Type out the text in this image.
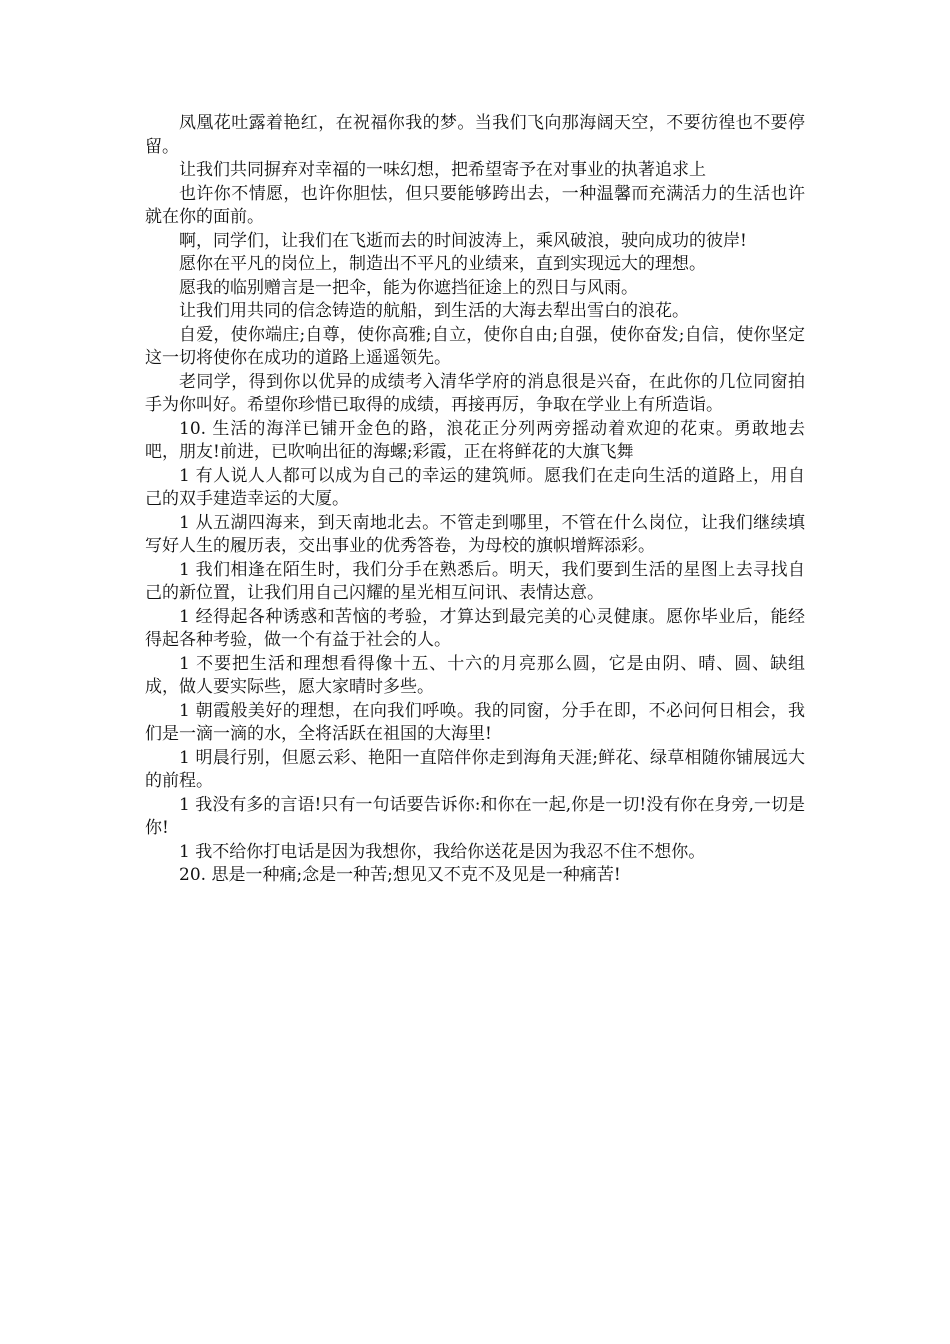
凤凰花吐露着艳红，在祝福你我的梦。当我们飞向那海阔天空，不要彷徨也不要停留。

让我们共同摒弃对幸福的一味幻想，把希望寄予在对事业的执著追求上

也许你不情愿，也许你胆怯，但只要能够跨出去，一种温馨而充满活力的生活也许就在你的面前。

啊，同学们，让我们在飞逝而去的时间波涛上，乘风破浪，驶向成功的彼岸!

愿你在平凡的岗位上，制造出不平凡的业绩来，直到实现远大的理想。

愿我的临别赠言是一把伞，能为你遮挡征途上的烈日与风雨。

让我们用共同的信念铸造的航船，到生活的大海去犁出雪白的浪花。

自爱，使你端庄;自尊，使你高雅;自立，使你自由;自强，使你奋发;自信，使你坚定这一切将使你在成功的道路上遥遥领先。

老同学，得到你以优异的成绩考入清华学府的消息很是兴奋，在此你的几位同窗拍手为你叫好。希望你珍惜已取得的成绩，再接再厉，争取在学业上有所造诣。

10. 生活的海洋已铺开金色的路，浪花正分列两旁摇动着欢迎的花束。勇敢地去吧，朋友!前进，已吹响出征的海螺;彩霞，正在将鲜花的大旗飞舞

1 有人说人人都可以成为自己的幸运的建筑师。愿我们在走向生活的道路上，用自己的双手建造幸运的大厦。

1 从五湖四海来，到天南地北去。不管走到哪里，不管在什么岗位，让我们继续填写好人生的履历表，交出事业的优秀答卷，为母校的旗帜增辉添彩。

1 我们相逢在陌生时，我们分手在熟悉后。明天，我们要到生活的星图上去寻找自己的新位置，让我们用自己闪耀的星光相互问讯、表情达意。

1 经得起各种诱惑和苦恼的考验，才算达到最完美的心灵健康。愿你毕业后，能经得起各种考验，做一个有益于社会的人。

1 不要把生活和理想看得像十五、十六的月亮那么圆，它是由阴、晴、圆、缺组成，做人要实际些，愿大家晴时多些。

1 朝霞般美好的理想，在向我们呼唤。我的同窗，分手在即，不必问何日相会，我们是一滴一滴的水，全将活跃在祖国的大海里!

1 明晨行别，但愿云彩、艳阳一直陪伴你走到海角天涯;鲜花、绿草相随你铺展远大的前程。

1 我没有多的言语!只有一句话要告诉你:和你在一起,你是一切!没有你在身旁,一切是你!

1 我不给你打电话是因为我想你，我给你送花是因为我忍不住不想你。

20. 思是一种痛;念是一种苦;想见又不克不及见是一种痛苦!
